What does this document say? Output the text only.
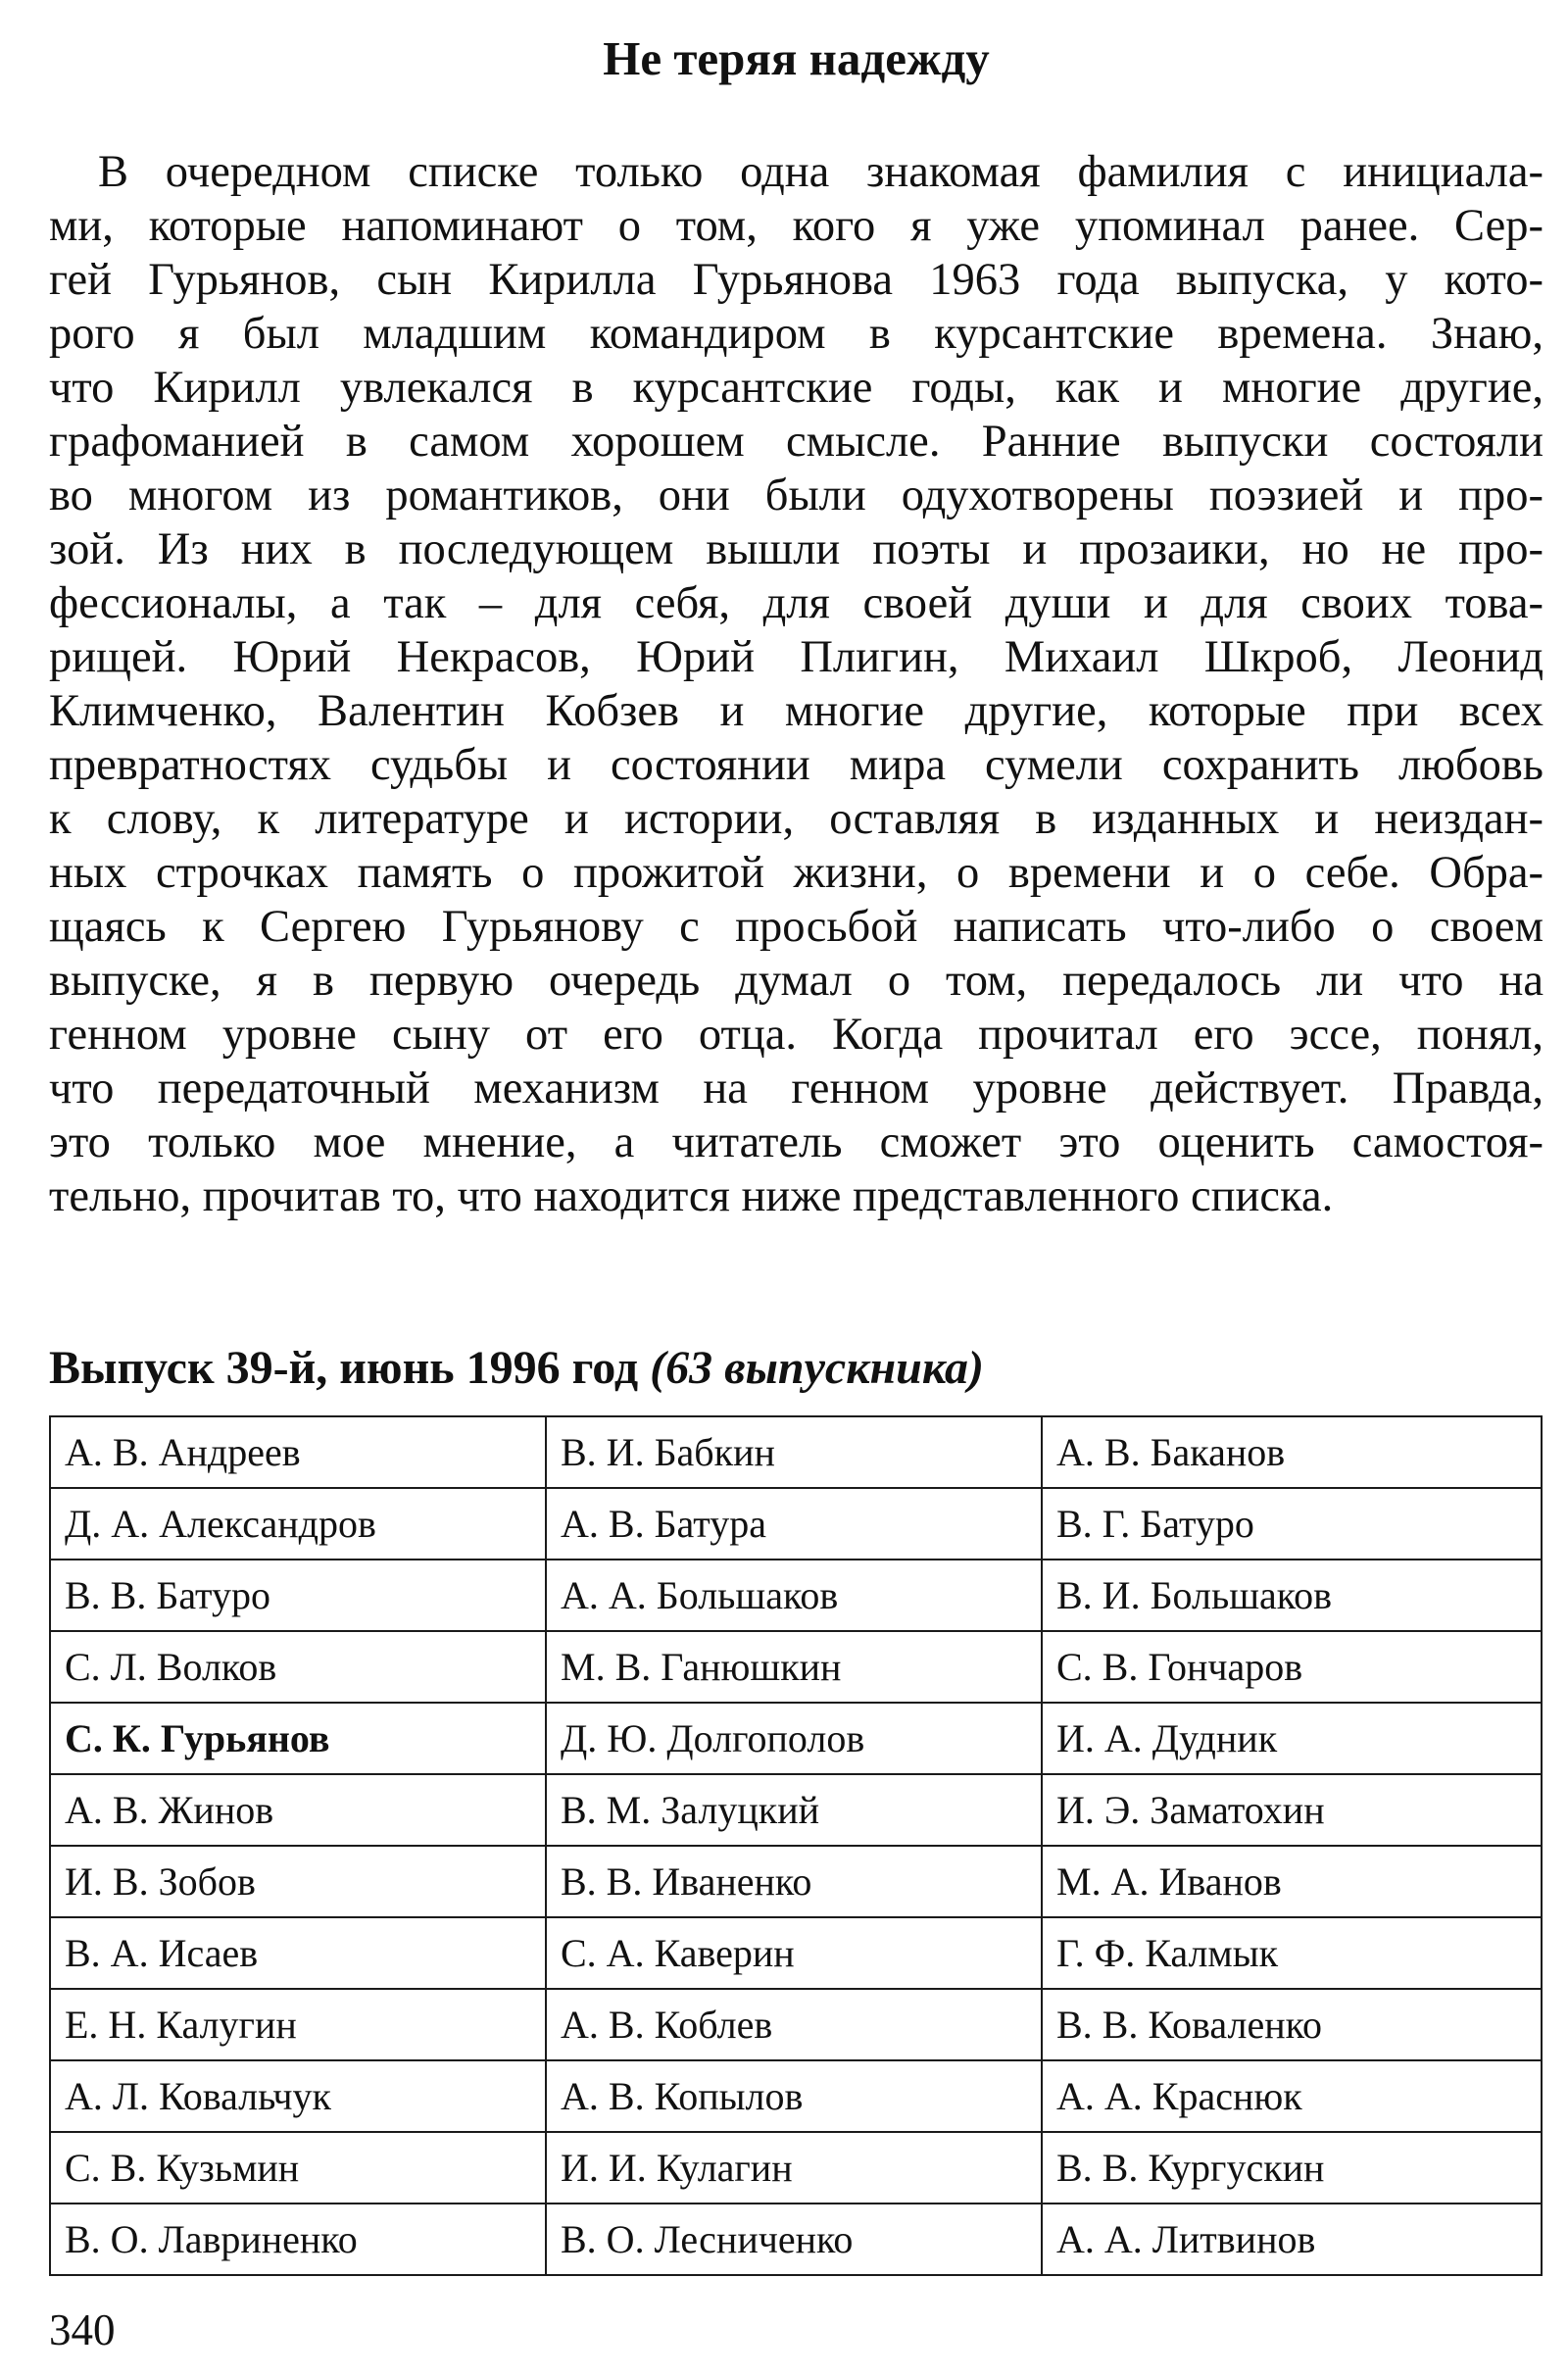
Не теряя надежду
В очередном списке только одна знакомая фамилия с инициала-
ми, которые напоминают о том, кого я уже упоминал ранее. Сер-
гей Гурьянов, сын Кирилла Гурьянова 1963 года выпуска, у кото-
рого я был младшим командиром в курсантские времена. Знаю,
что Кирилл увлекался в курсантские годы, как и многие другие,
графоманией в самом хорошем смысле. Ранние выпуски состояли
во многом из романтиков, они были одухотворены поэзией и про-
зой. Из них в последующем вышли поэты и прозаики, но не про-
фессионалы, а так – для себя, для своей души и для своих това-
рищей. Юрий Некрасов, Юрий Плигин, Михаил Шкроб, Леонид
Климченко, Валентин Кобзев и многие другие, которые при всех
превратностях судьбы и состоянии мира сумели сохранить любовь
к слову, к литературе и истории, оставляя в изданных и неиздан-
ных строчках память о прожитой жизни, о времени и о себе. Обра-
щаясь к Сергею Гурьянову с просьбой написать что-либо о своем
выпуске, я в первую очередь думал о том, передалось ли что на
генном уровне сыну от его отца. Когда прочитал его эссе, понял,
что передаточный механизм на генном уровне действует. Правда,
это только мое мнение, а читатель сможет это оценить самостоя-
тельно, прочитав то, что находится ниже представленного списка.
Выпуск 39-й, июнь 1996 год (63 выпускника)
А. В. Андреев	В. И. Бабкин	А. В. Баканов
Д. А. Александров	А. В. Батура	В. Г. Батуро
В. В. Батуро	А. А. Большаков	В. И. Большаков
С. Л. Волков	М. В. Ганюшкин	С. В. Гончаров
С. К. Гурьянов	Д. Ю. Долгополов	И. А. Дудник
А. В. Жинов	В. М. Залуцкий	И. Э. Заматохин
И. В. Зобов	В. В. Иваненко	М. А. Иванов
В. А. Исаев	С. А. Каверин	Г. Ф. Калмык
Е. Н. Калугин	А. В. Коблев	В. В. Коваленко
А. Л. Ковальчук	А. В. Копылов	А. А. Краснюк
С. В. Кузьмин	И. И. Кулагин	В. В. Кургускин
В. О. Лавриненко	В. О. Лесниченко	А. А. Литвинов
340
